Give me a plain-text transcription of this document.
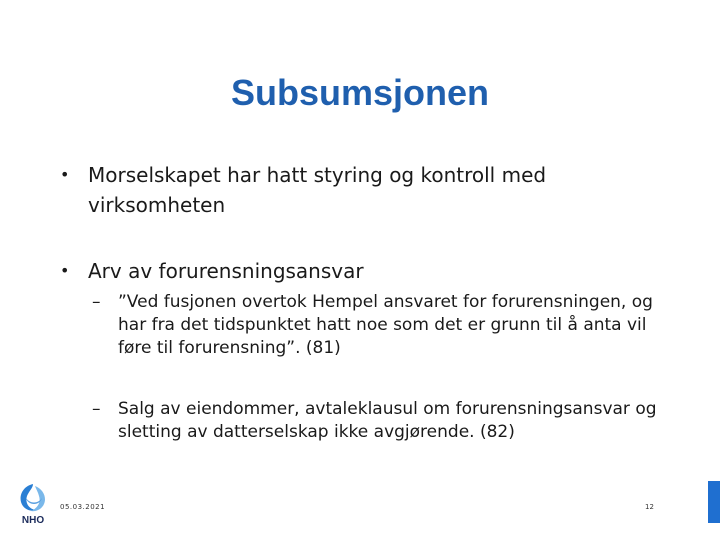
Subsumsjonen
• Morselskapet har hatt styring og kontroll med virksomheten
• Arv av forurensningsansvar
– ”Ved fusjonen overtok Hempel ansvaret for forurensningen, og har fra det tidspunktet hatt noe som det er grunn til å anta vil føre til forurensning”. (81)
– Salg av eiendommer, avtaleklausul om forurensningsansvar og sletting av datterselskap ikke avgjørende. (82)
NHO
05.03.2021	12
